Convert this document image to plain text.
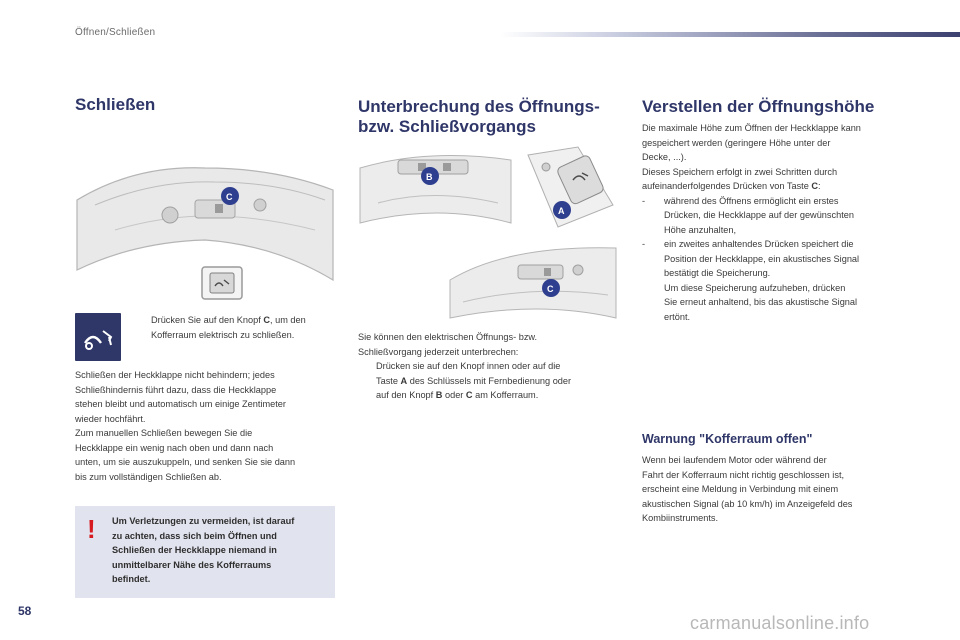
Öffnen/Schließen
Schließen
C
Drücken Sie auf den Knopf C, um den
Kofferraum elektrisch zu schließen.
Schließen der Heckklappe nicht behindern; jedes
Schließhindernis führt dazu, dass die Heckklappe
stehen bleibt und automatisch um einige Zentimeter
wieder hochfährt.
Zum manuellen Schließen bewegen Sie die
Heckklappe ein wenig nach oben und dann nach
unten, um sie auszukuppeln, und senken Sie sie dann
bis zum vollständigen Schließen ab.
! Um Verletzungen zu vermeiden, ist darauf
zu achten, dass sich beim Öffnen und
Schließen der Heckklappe niemand in
unmittelbarer Nähe des Kofferraums
befindet.
Unterbrechung des Öffnungs-
bzw. Schließvorgangs
B
A
C
Sie können den elektrischen Öffnungs- bzw.
Schließvorgang jederzeit unterbrechen:
Drücken sie auf den Knopf innen oder auf die
Taste A des Schlüssels mit Fernbedienung oder
auf den Knopf B oder C am Kofferraum.
Verstellen der Öffnungshöhe
Die maximale Höhe zum Öffnen der Heckklappe kann
gespeichert werden (geringere Höhe unter der
Decke, ...).
Dieses Speichern erfolgt in zwei Schritten durch
aufeinanderfolgendes Drücken von Taste C:
-	während des Öffnens ermöglicht ein erstes
Drücken, die Heckklappe auf der gewünschten
Höhe anzuhalten,
-	ein zweites anhaltendes Drücken speichert die
Position der Heckklappe, ein akustisches Signal
bestätigt die Speicherung.
Um diese Speicherung aufzuheben, drücken
Sie erneut anhaltend, bis das akustische Signal
ertönt.
Warnung "Kofferraum offen"
Wenn bei laufendem Motor oder während der
Fahrt der Kofferraum nicht richtig geschlossen ist,
erscheint eine Meldung in Verbindung mit einem
akustischen Signal (ab 10 km/h) im Anzeigefeld des
Kombiinstruments.
58
carmanualsonline.info
